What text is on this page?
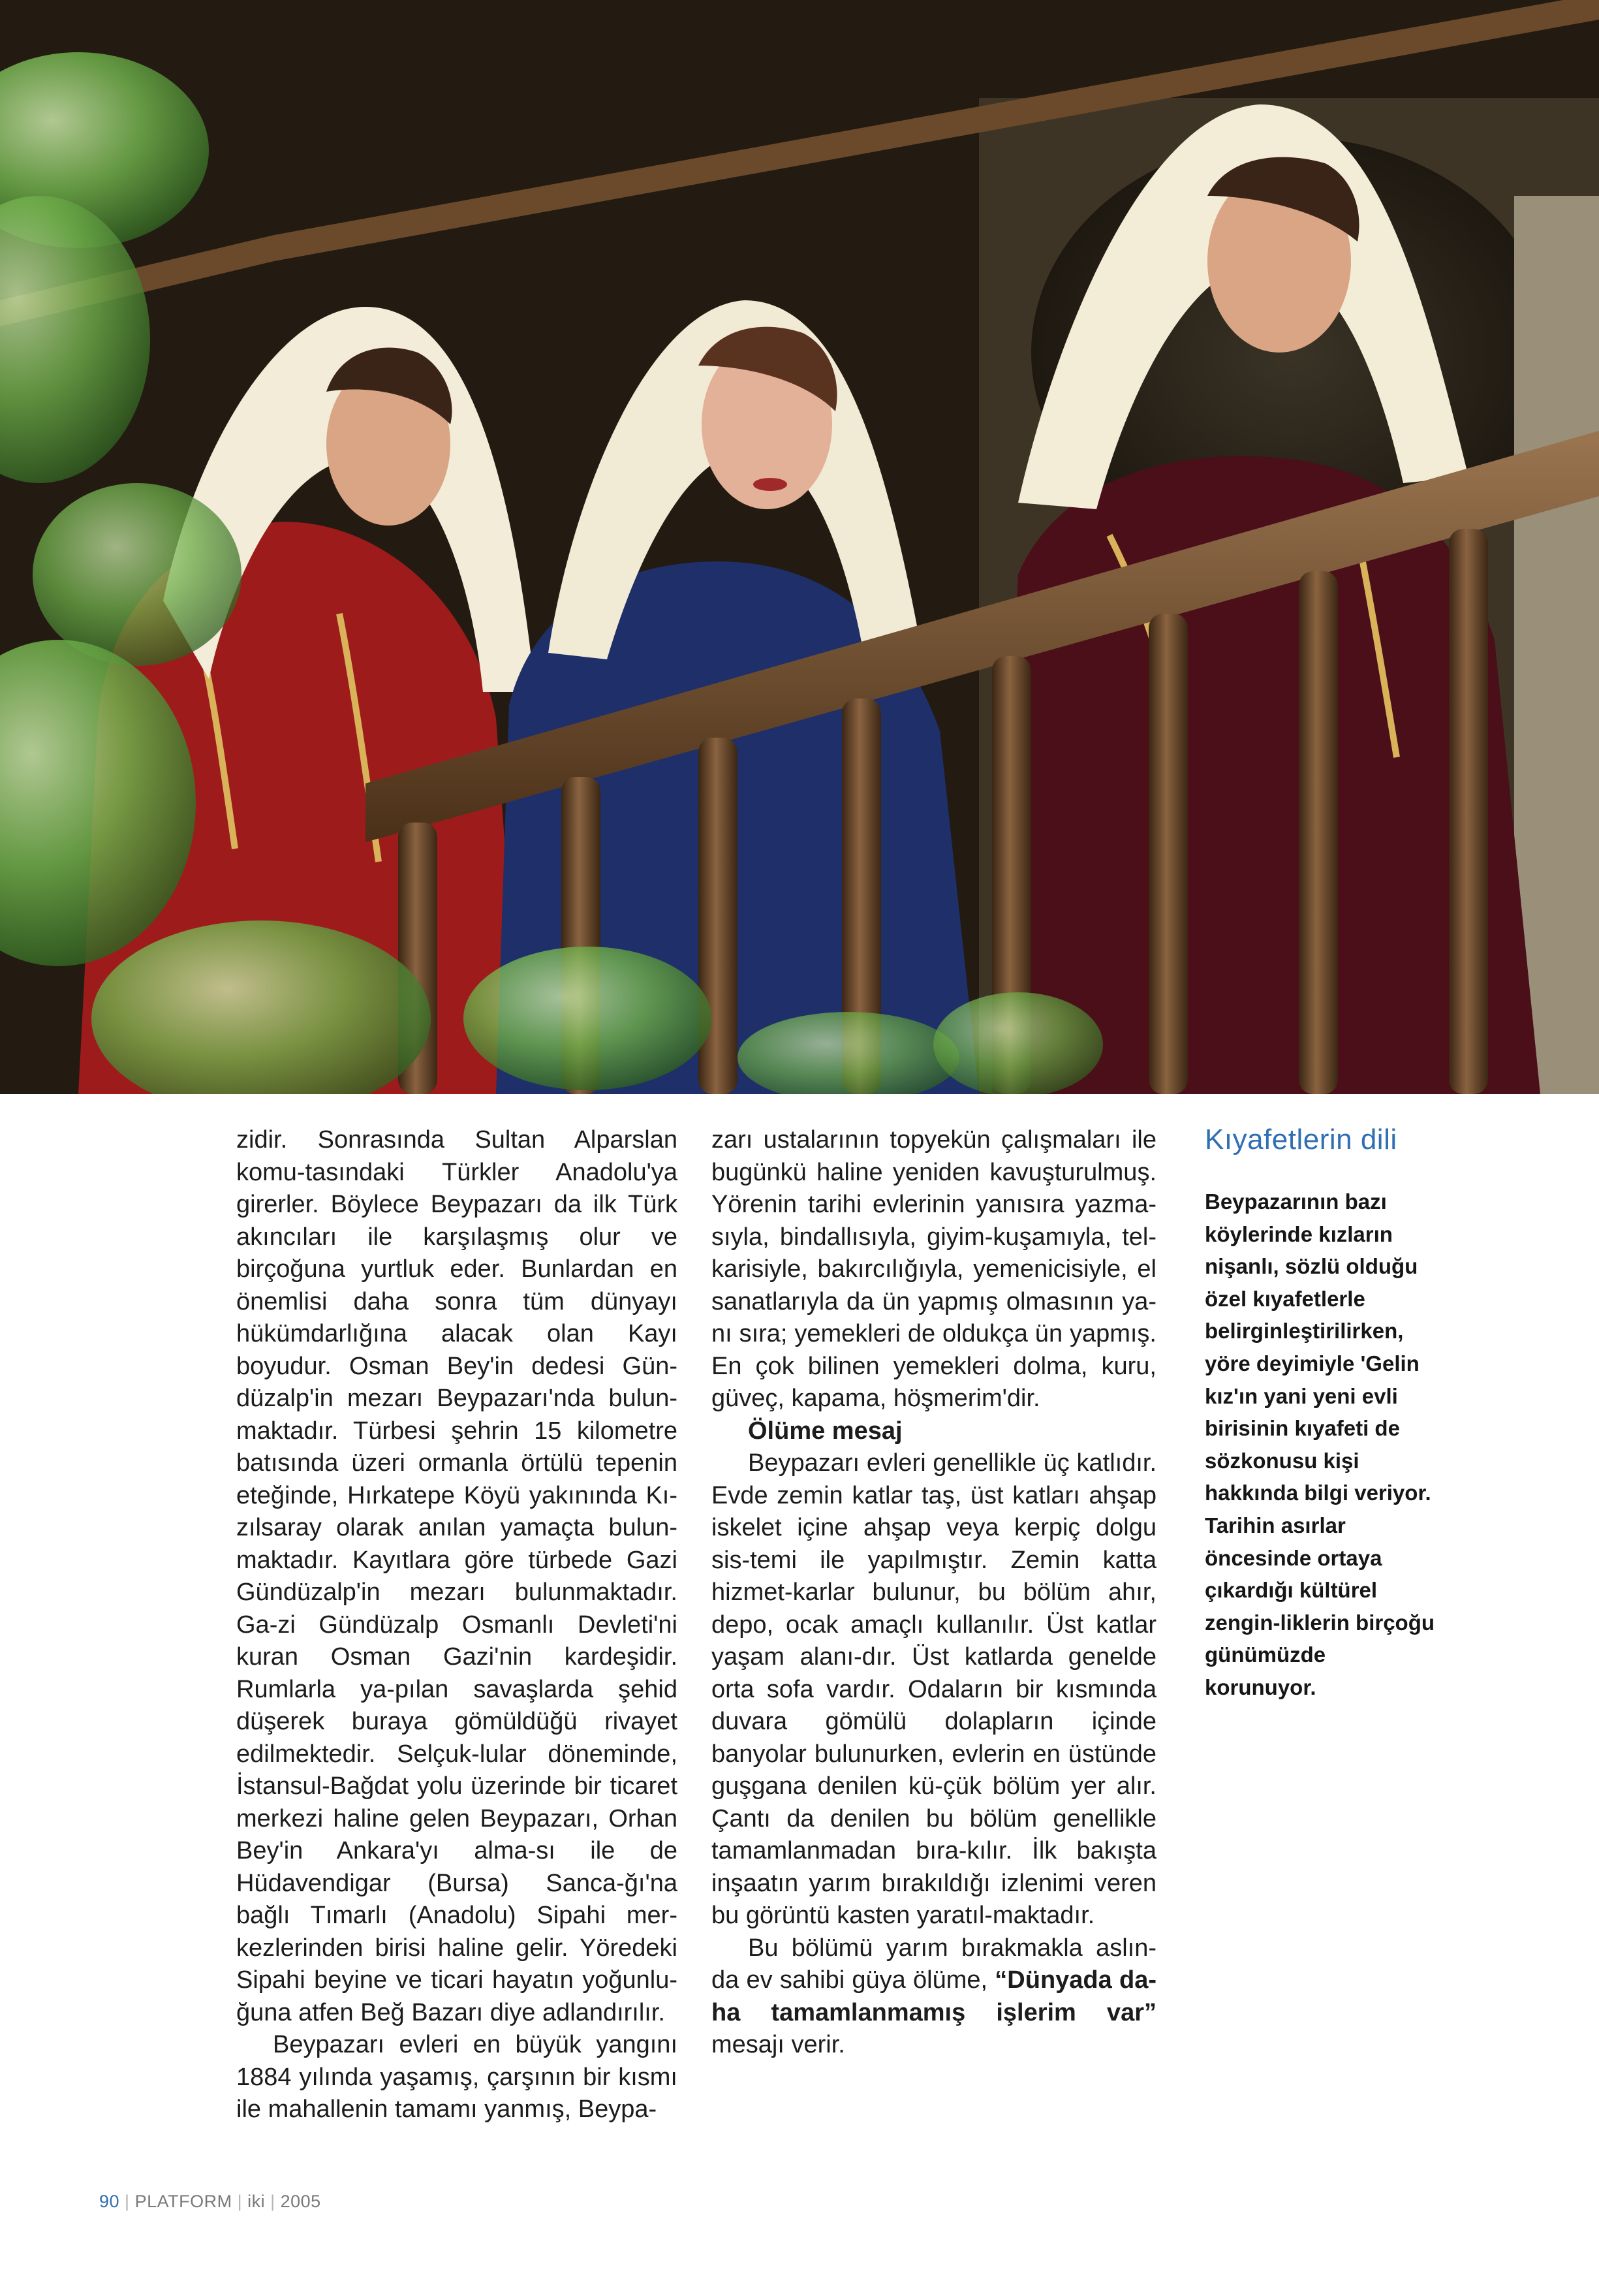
zidir. Sonrasında Sultan Alparslan komu-tasındaki Türkler Anadolu'ya girerler. Böylece Beypazarı da ilk Türk akıncıları ile karşılaşmış olur ve birçoğuna yurtluk eder. Bunlardan en önemlisi daha sonra tüm dünyayı hükümdarlığına alacak olan Kayı boyudur. Osman Bey'in dedesi Gün-düzalp'in mezarı Beypazarı'nda bulun-maktadır. Türbesi şehrin 15 kilometre batısında üzeri ormanla örtülü tepenin eteğinde, Hırkatepe Köyü yakınında Kı-zılsaray olarak anılan yamaçta bulun-maktadır. Kayıtlara göre türbede Gazi Gündüzalp'in mezarı bulunmaktadır. Ga-zi Gündüzalp Osmanlı Devleti'ni kuran Osman Gazi'nin kardeşidir. Rumlarla ya-pılan savaşlarda şehid düşerek buraya gömüldüğü rivayet edilmektedir. Selçuk-lular döneminde, İstansul-Bağdat yolu üzerinde bir ticaret merkezi haline gelen Beypazarı, Orhan Bey'in Ankara'yı alma-sı ile de Hüdavendigar (Bursa) Sanca-ğı'na bağlı Tımarlı (Anadolu) Sipahi mer-kezlerinden birisi haline gelir. Yöredeki Sipahi beyine ve ticari hayatın yoğunlu-ğuna atfen Beğ Bazarı diye adlandırılır.

Beypazarı evleri en büyük yangını 1884 yılında yaşamış, çarşının bir kısmı ile mahallenin tamamı yanmış, Beypa-

zarı ustalarının topyekün çalışmaları ile bugünkü haline yeniden kavuşturulmuş. Yörenin tarihi evlerinin yanısıra yazma-sıyla, bindallısıyla, giyim-kuşamıyla, tel-karisiyle, bakırcılığıyla, yemenicisiyle, el sanatlarıyla da ün yapmış olmasının ya-nı sıra; yemekleri de oldukça ün yapmış. En çok bilinen yemekleri dolma, kuru, güveç, kapama, höşmerim'dir.

Ölüme mesaj

Beypazarı evleri genellikle üç katlıdır. Evde zemin katlar taş, üst katları ahşap iskelet içine ahşap veya kerpiç dolgu sis-temi ile yapılmıştır. Zemin katta hizmet-karlar bulunur, bu bölüm ahır, depo, ocak amaçlı kullanılır. Üst katlar yaşam alanı-dır. Üst katlarda genelde orta sofa vardır. Odaların bir kısmında duvara gömülü dolapların içinde banyolar bulunurken, evlerin en üstünde guşgana denilen kü-çük bölüm yer alır. Çantı da denilen bu bölüm genellikle tamamlanmadan bıra-kılır. İlk bakışta inşaatın yarım bırakıldığı izlenimi veren bu görüntü kasten yaratıl-maktadır.

Bu bölümü yarım bırakmakla aslın-da ev sahibi güya ölüme, “Dünyada da-ha tamamlanmamış işlerim var” mesajı verir.

Kıyafetlerin dili

Beypazarının bazı köylerinde kızların nişanlı, sözlü olduğu özel kıyafetlerle belirginleştirilirken, yöre deyimiyle 'Gelin kız'ın yani yeni evli birisinin kıyafeti de sözkonusu kişi hakkında bilgi veriyor. Tarihin asırlar öncesinde ortaya çıkardığı kültürel zengin-liklerin birçoğu günümüzde korunuyor.

90 | PLATFORM | iki | 2005
